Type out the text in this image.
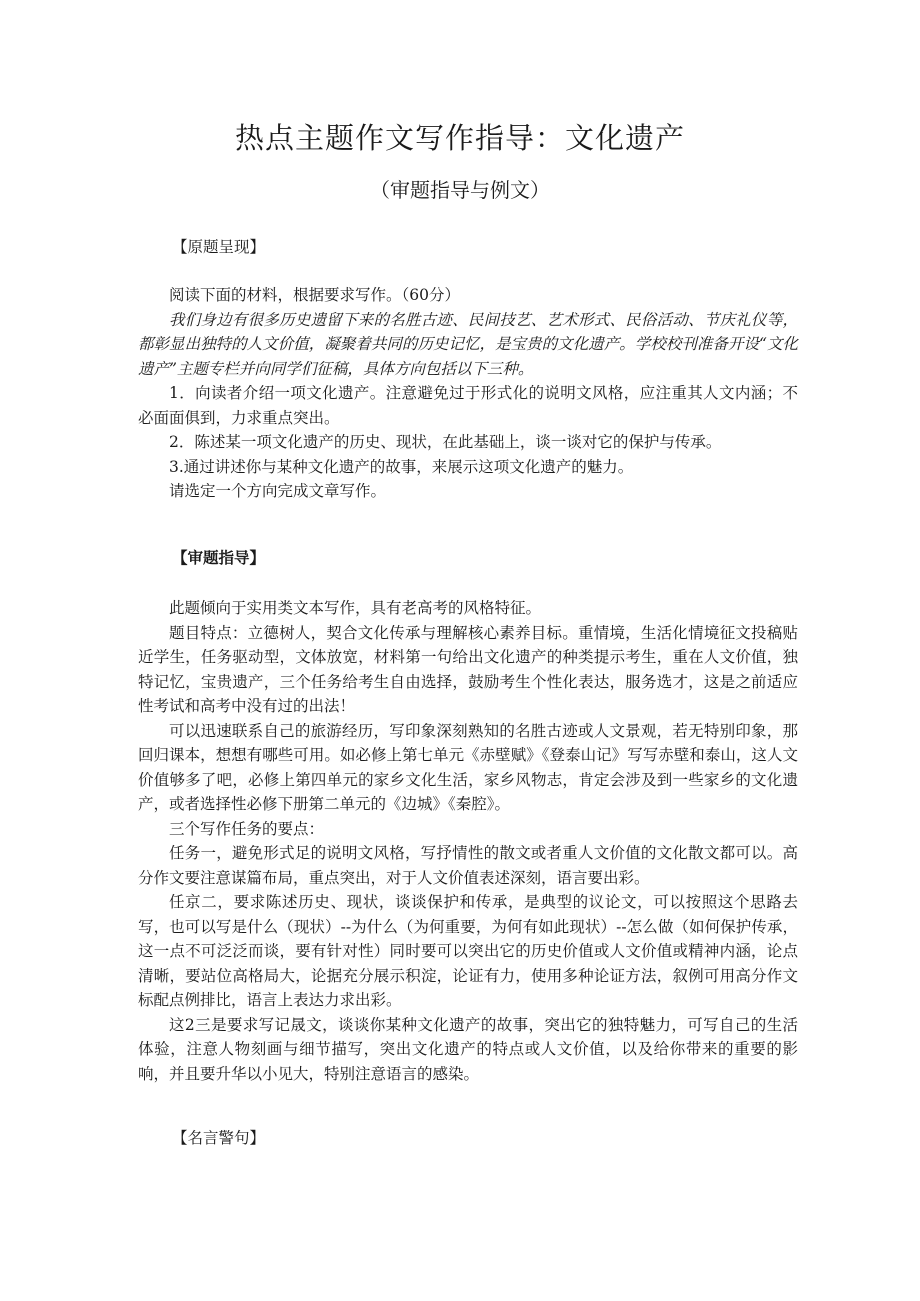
热点主题作文写作指导：文化遗产
（审题指导与例文）
【原题呈现】

阅读下面的材料，根据要求写作。（60分）

我们身边有很多历史遗留下来的名胜古迹、民间技艺、艺术形式、民俗活动、节庆礼仪等，都彰显出独特的人文价值，凝聚着共同的历史记忆，是宝贵的文化遗产。学校校刊准备开设“文化遗产”主题专栏并向同学们征稿，具体方向包括以下三种。

1．向读者介绍一项文化遗产。注意避免过于形式化的说明文风格，应注重其人文内涵；不必面面俱到，力求重点突出。

2．陈述某一项文化遗产的历史、现状，在此基础上，谈一谈对它的保护与传承。

3.通过讲述你与某种文化遗产的故事，来展示这项文化遗产的魅力。

请选定一个方向完成文章写作。

【审题指导】

此题倾向于实用类文本写作，具有老高考的风格特征。

题目特点：立德树人，契合文化传承与理解核心素养目标。重情境，生活化情境征文投稿贴近学生，任务驱动型，文体放宽，材料第一句给出文化遗产的种类提示考生，重在人文价值，独特记忆，宝贵遗产，三个任务给考生自由选择，鼓励考生个性化表达，服务选才，这是之前适应性考试和高考中没有过的出法！

可以迅速联系自己的旅游经历，写印象深刻熟知的名胜古迹或人文景观，若无特别印象，那回归课本，想想有哪些可用。如必修上第七单元《赤壁赋》《登泰山记》写写赤壁和泰山，这人文价值够多了吧，必修上第四单元的家乡文化生活，家乡风物志，肯定会涉及到一些家乡的文化遗产，或者选择性必修下册第二单元的《边城》《秦腔》。

三个写作任务的要点：

任务一，避免形式足的说明文风格，写抒情性的散文或者重人文价值的文化散文都可以。高分作文要注意谋篇布局，重点突出，对于人文价值表述深刻，语言要出彩。

任京二，要求陈述历史、现状，谈谈保护和传承，是典型的议论文，可以按照这个思路去写，也可以写是什么（现状）--为什么（为何重要，为何有如此现状）--怎么做（如何保护传承，这一点不可泛泛而谈，要有针对性）同时要可以突出它的历史价值或人文价值或精神内涵，论点清晰，要站位高格局大，论据充分展示积淀，论证有力，使用多种论证方法，叙例可用高分作文标配点例排比，语言上表达力求出彩。

这2三是要求写记晟文，谈谈你某种文化遗产的故事，突出它的独特魅力，可写自己的生活体验，注意人物刻画与细节描写，突出文化遗产的特点或人文价值，以及给你带来的重要的影响，并且要升华以小见大，特别注意语言的感染。

【名言警句】
